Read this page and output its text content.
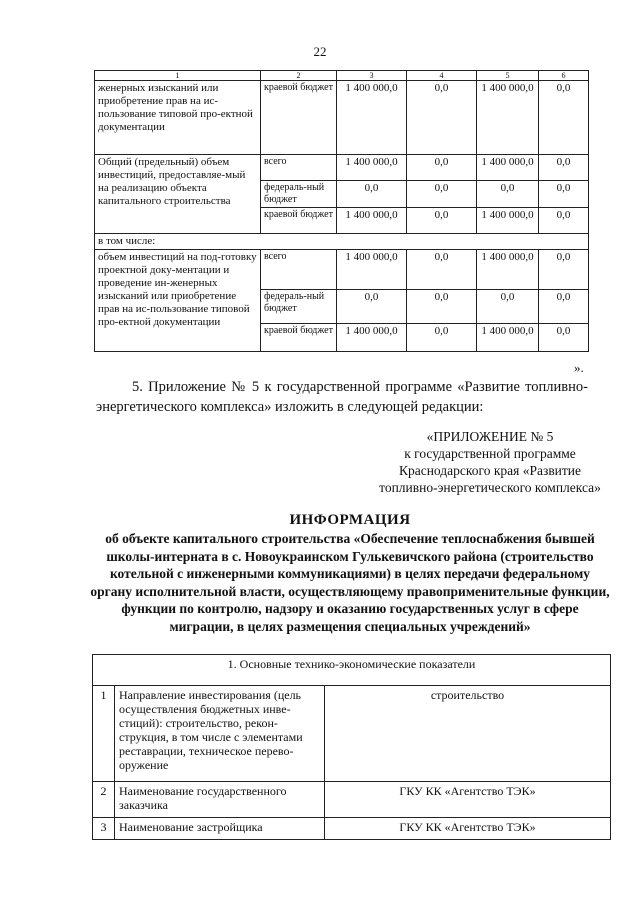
22
1	2	3	4	5	6
женерных изысканий или приобретение прав на ис-пользование типовой про-ектной документации	краевой бюджет	1 400 000,0	0,0	1 400 000,0	0,0
Общий (предельный) объем инвестиций, предоставляе-мый на реализацию объекта капитального строительства	всего	1 400 000,0	0,0	1 400 000,0	0,0
	федераль-ный бюджет	0,0	0,0	0,0	0,0
	краевой бюджет	1 400 000,0	0,0	1 400 000,0	0,0
в том числе:					
объем инвестиций на под-готовку проектной доку-ментации и проведение ин-женерных изысканий или приобретение прав на ис-пользование типовой про-ектной документации	всего	1 400 000,0	0,0	1 400 000,0	0,0
	федераль-ный бюджет	0,0	0,0	0,0	0,0
	краевой бюджет	1 400 000,0	0,0	1 400 000,0	0,0
».
5. Приложение № 5 к государственной программе «Развитие топливно-энергетического комплекса» изложить в следующей редакции:
«ПРИЛОЖЕНИЕ № 5
к государственной программе
Краснодарского края «Развитие
топливно-энергетического комплекса»
ИНФОРМАЦИЯ
об объекте капитального строительства «Обеспечение теплоснабжения бывшей школы-интерната в с. Новоукраинском Гулькевичского района (строительство котельной с инженерными коммуникациями) в целях передачи федеральному органу исполнительной власти, осуществляющему правоприменительные функции, функции по контролю, надзору и оказанию государственных услуг в сфере миграции, в целях размещения специальных учреждений»
1. Основные технико-экономические показатели		
1	Направление инвестирования (цель осуществления бюджетных инве-стиций): строительство, рекон-струкция, в том числе с элементами реставрации, техническое перево-оружение	строительство
2	Наименование государственного заказчика	ГКУ КК «Агентство ТЭК»
3	Наименование застройщика	ГКУ КК «Агентство ТЭК»
